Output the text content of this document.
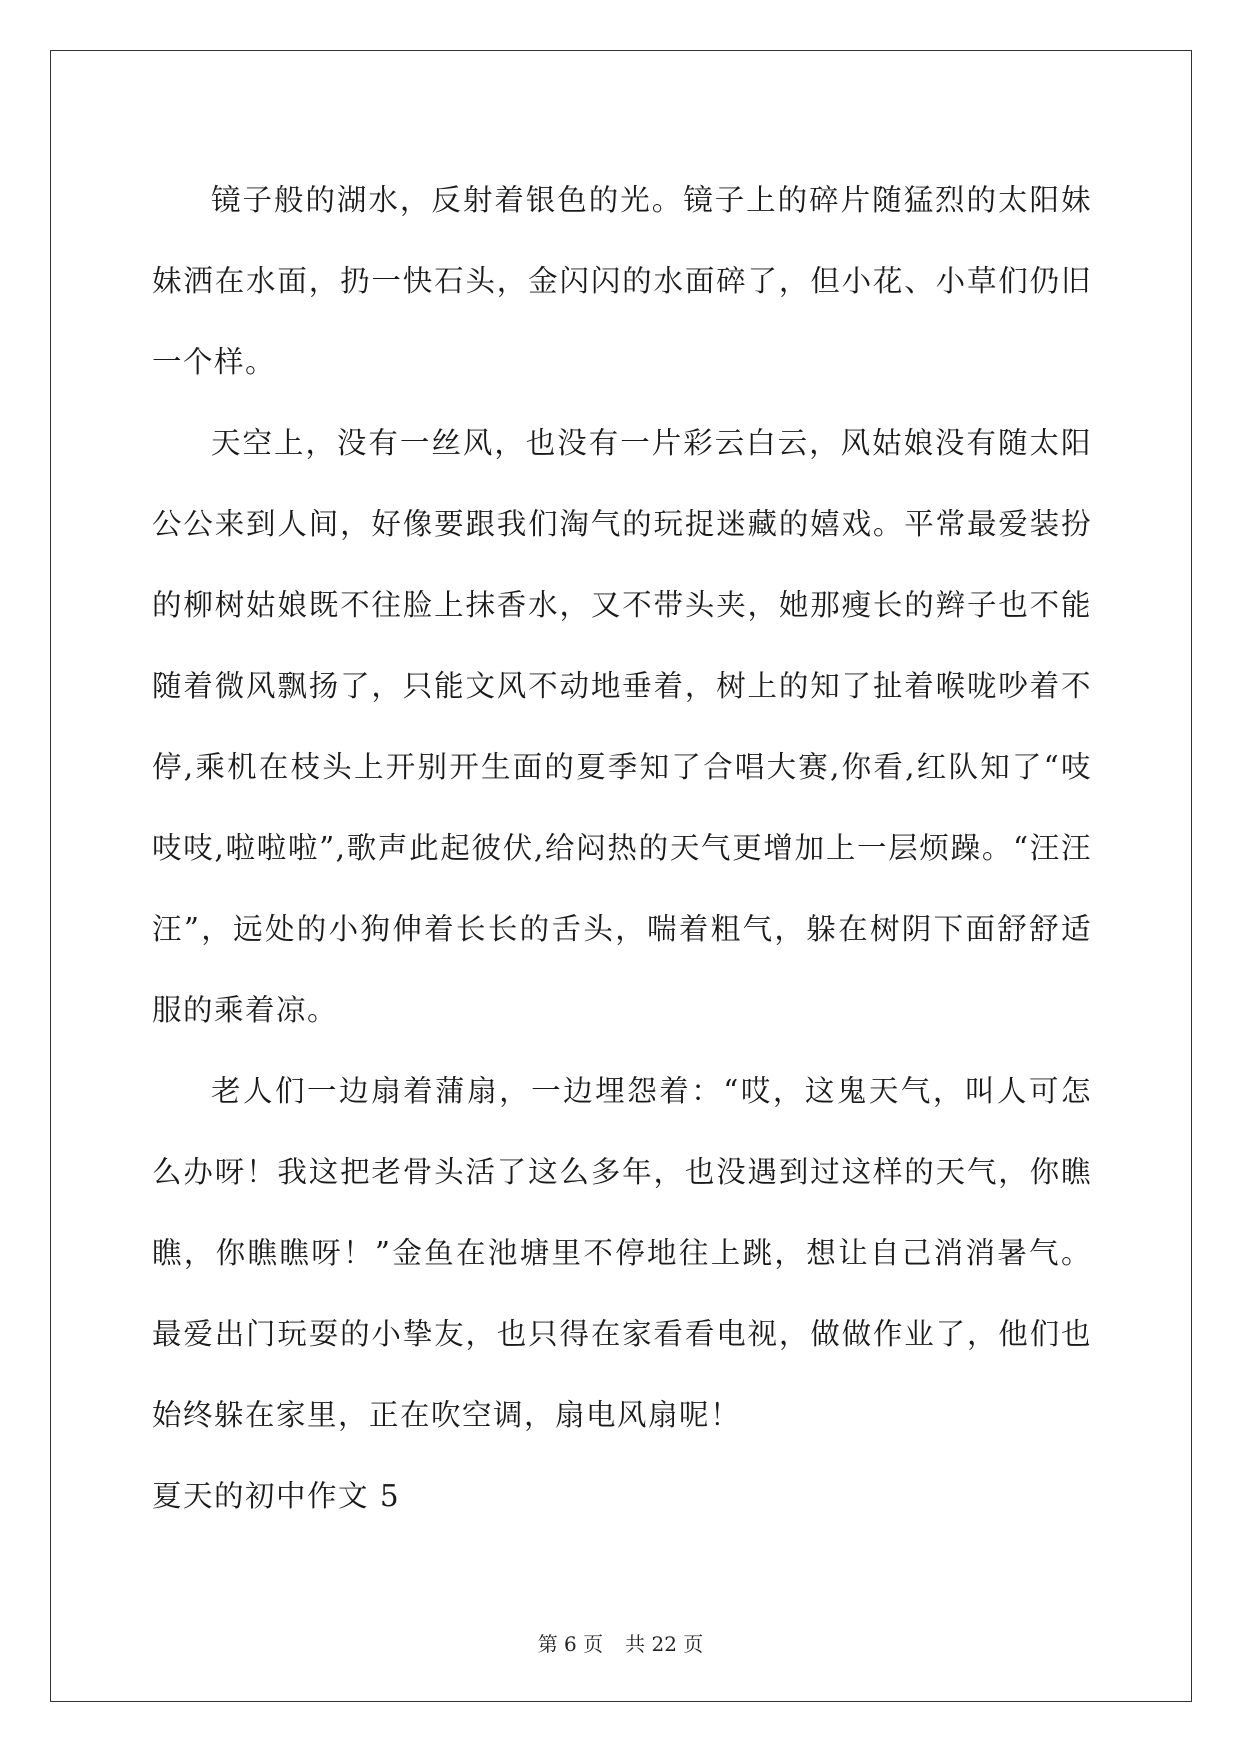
镜子般的湖水，反射着银色的光。镜子上的碎片随猛烈的太阳妹妹洒在水面，扔一快石头，金闪闪的水面碎了，但小花、小草们仍旧一个样。

天空上，没有一丝风，也没有一片彩云白云，风姑娘没有随太阳公公来到人间，好像要跟我们淘气的玩捉迷藏的嬉戏。平常最爱装扮的柳树姑娘既不往脸上抹香水，又不带头夹，她那瘦长的辫子也不能随着微风飘扬了，只能文风不动地垂着，树上的知了扯着喉咙吵着不停,乘机在枝头上开别开生面的夏季知了合唱大赛,你看,红队知了“吱吱吱,啦啦啦”,歌声此起彼伏,给闷热的天气更增加上一层烦躁。“汪汪汪”，远处的小狗伸着长长的舌头，喘着粗气，躲在树阴下面舒舒适服的乘着凉。

老人们一边扇着蒲扇，一边埋怨着：“哎，这鬼天气，叫人可怎么办呀！我这把老骨头活了这么多年，也没遇到过这样的天气，你瞧瞧，你瞧瞧呀！”金鱼在池塘里不停地往上跳，想让自己消消暑气。最爱出门玩耍的小挚友，也只得在家看看电视，做做作业了，他们也始终躲在家里，正在吹空调，扇电风扇呢！

夏天的初中作文 5

第 6 页 共 22 页
